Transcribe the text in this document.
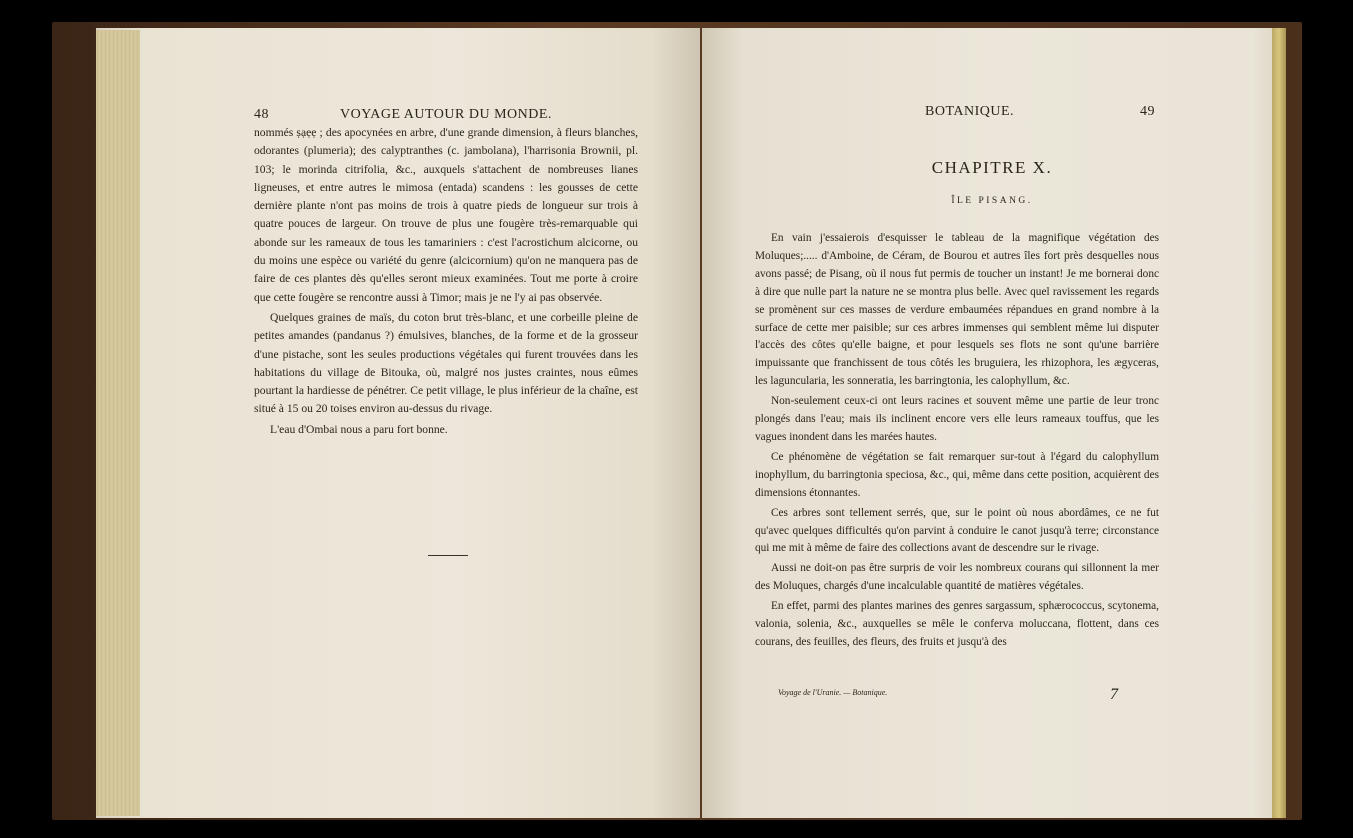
48	VOYAGE AUTOUR DU MONDE.

nommés ṣạẹẹ ; des apocynées en arbre, d'une grande dimension, à fleurs blanches, odorantes (plumeria); des calyptranthes (c. jambolana), l'harrisonia Brownii, pl. 103; le morinda citrifolia, &c., auxquels s'attachent de nombreuses lianes ligneuses, et entre autres le mimosa (entada) scandens : les gousses de cette dernière plante n'ont pas moins de trois à quatre pieds de longueur sur trois à quatre pouces de largeur. On trouve de plus une fougère très-remarquable qui abonde sur les rameaux de tous les tamariniers : c'est l'acrostichum alcicorne, ou du moins une espèce ou variété du genre (alcicornium) qu'on ne manquera pas de faire de ces plantes dès qu'elles seront mieux examinées. Tout me porte à croire que cette fougère se rencontre aussi à Timor; mais je ne l'y ai pas observée.

Quelques graines de maïs, du coton brut très-blanc, et une corbeille pleine de petites amandes (pandanus ?) émulsives, blanches, de la forme et de la grosseur d'une pistache, sont les seules productions végétales qui furent trouvées dans les habitations du village de Bitouka, où, malgré nos justes craintes, nous eûmes pourtant la hardiesse de pénétrer. Ce petit village, le plus inférieur de la chaîne, est situé à 15 ou 20 toises environ au-dessus du rivage.

L'eau d'Ombai nous a paru fort bonne.

BOTANIQUE.	49
CHAPITRE X.
ÎLE PISANG.

En vain j'essaierois d'esquisser le tableau de la magnifique végétation des Moluques;..... d'Amboine, de Céram, de Bourou et autres îles fort près desquelles nous avons passé; de Pisang, où il nous fut permis de toucher un instant! Je me bornerai donc à dire que nulle part la nature ne se montra plus belle. Avec quel ravissement les regards se promènent sur ces masses de verdure embaumées répandues en grand nombre à la surface de cette mer paisible; sur ces arbres immenses qui semblent même lui disputer l'accès des côtes qu'elle baigne, et pour lesquels ses flots ne sont qu'une barrière impuissante que franchissent de tous côtés les bruguiera, les rhizophora, les ægyceras, les laguncularia, les sonneratia, les barringtonia, les calophyllum, &c.

Non-seulement ceux-ci ont leurs racines et souvent même une partie de leur tronc plongés dans l'eau; mais ils inclinent encore vers elle leurs rameaux touffus, que les vagues inondent dans les marées hautes.

Ce phénomène de végétation se fait remarquer sur-tout à l'égard du calophyllum inophyllum, du barringtonia speciosa, &c., qui, même dans cette position, acquièrent des dimensions étonnantes.

Ces arbres sont tellement serrés, que, sur le point où nous abordâmes, ce ne fut qu'avec quelques difficultés qu'on parvint à conduire le canot jusqu'à terre; circonstance qui me mit à même de faire des collections avant de descendre sur le rivage.

Aussi ne doit-on pas être surpris de voir les nombreux courans qui sillonnent la mer des Moluques, chargés d'une incalculable quantité de matières végétales.

En effet, parmi des plantes marines des genres sargassum, sphærococcus, scytonema, valonia, solenia, &c., auxquelles se mêle le conferva moluccana, flottent, dans ces courans, des feuilles, des fleurs, des fruits et jusqu'à des

Voyage de l'Uranie. — Botanique.	7
